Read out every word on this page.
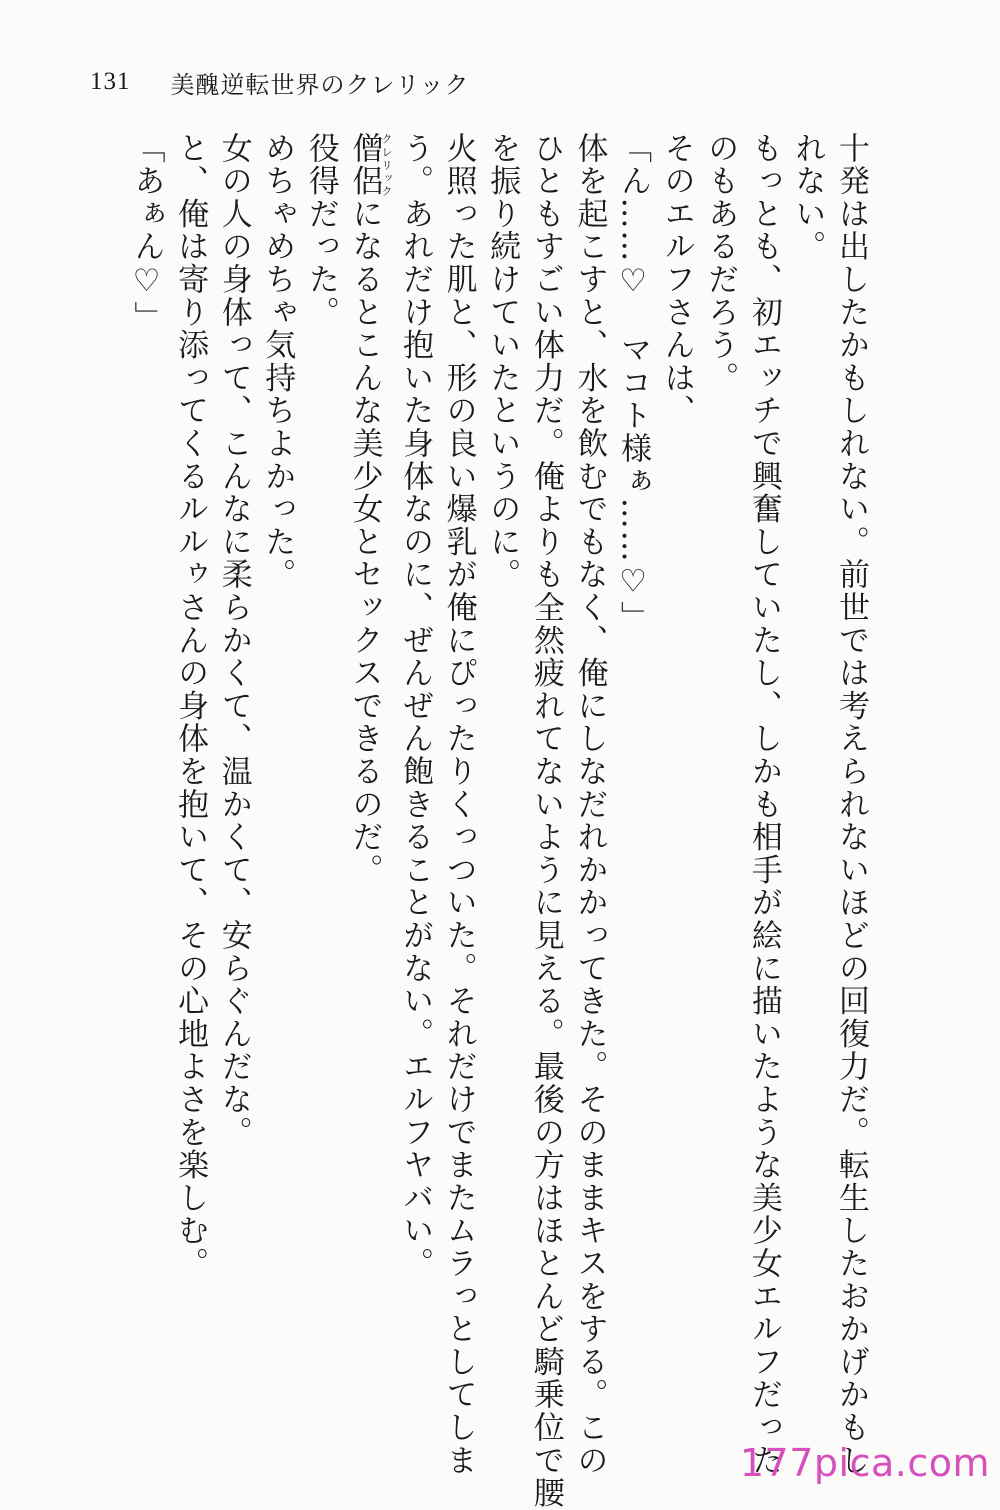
131 美醜逆転世界のクレリック

十発は出したかもしれない。前世では考えられないほどの回復力だ。転生したおかげかもし

れない。

もっとも、初エッチで興奮していたし、しかも相手が絵に描いたような美少女エルフだった

のもあるだろう。

そのエルフさんは、

「ん……♡　マコト様ぁ……♡」

体を起こすと、水を飲むでもなく、俺にしなだれかかってきた。そのままキスをする。この

ひともすごい体力だ。俺よりも全然疲れてないように見える。最後の方はほとんど騎乗位で腰

を振り続けていたというのに。

火照った肌と、形の良い爆乳が俺にぴったりくっついた。それだけでまたムラっとしてしま

う。あれだけ抱いた身体なのに、ぜんぜん飽きることがない。エルフヤバい。

僧侶クレリックになるとこんな美少女とセックスできるのだ。

役得だった。

めちゃめちゃ気持ちよかった。

女の人の身体って、こんなに柔らかくて、温かくて、安らぐんだな。

と、俺は寄り添ってくるルルゥさんの身体を抱いて、その心地よさを楽しむ。

「あぁん♡」

177pica.com
